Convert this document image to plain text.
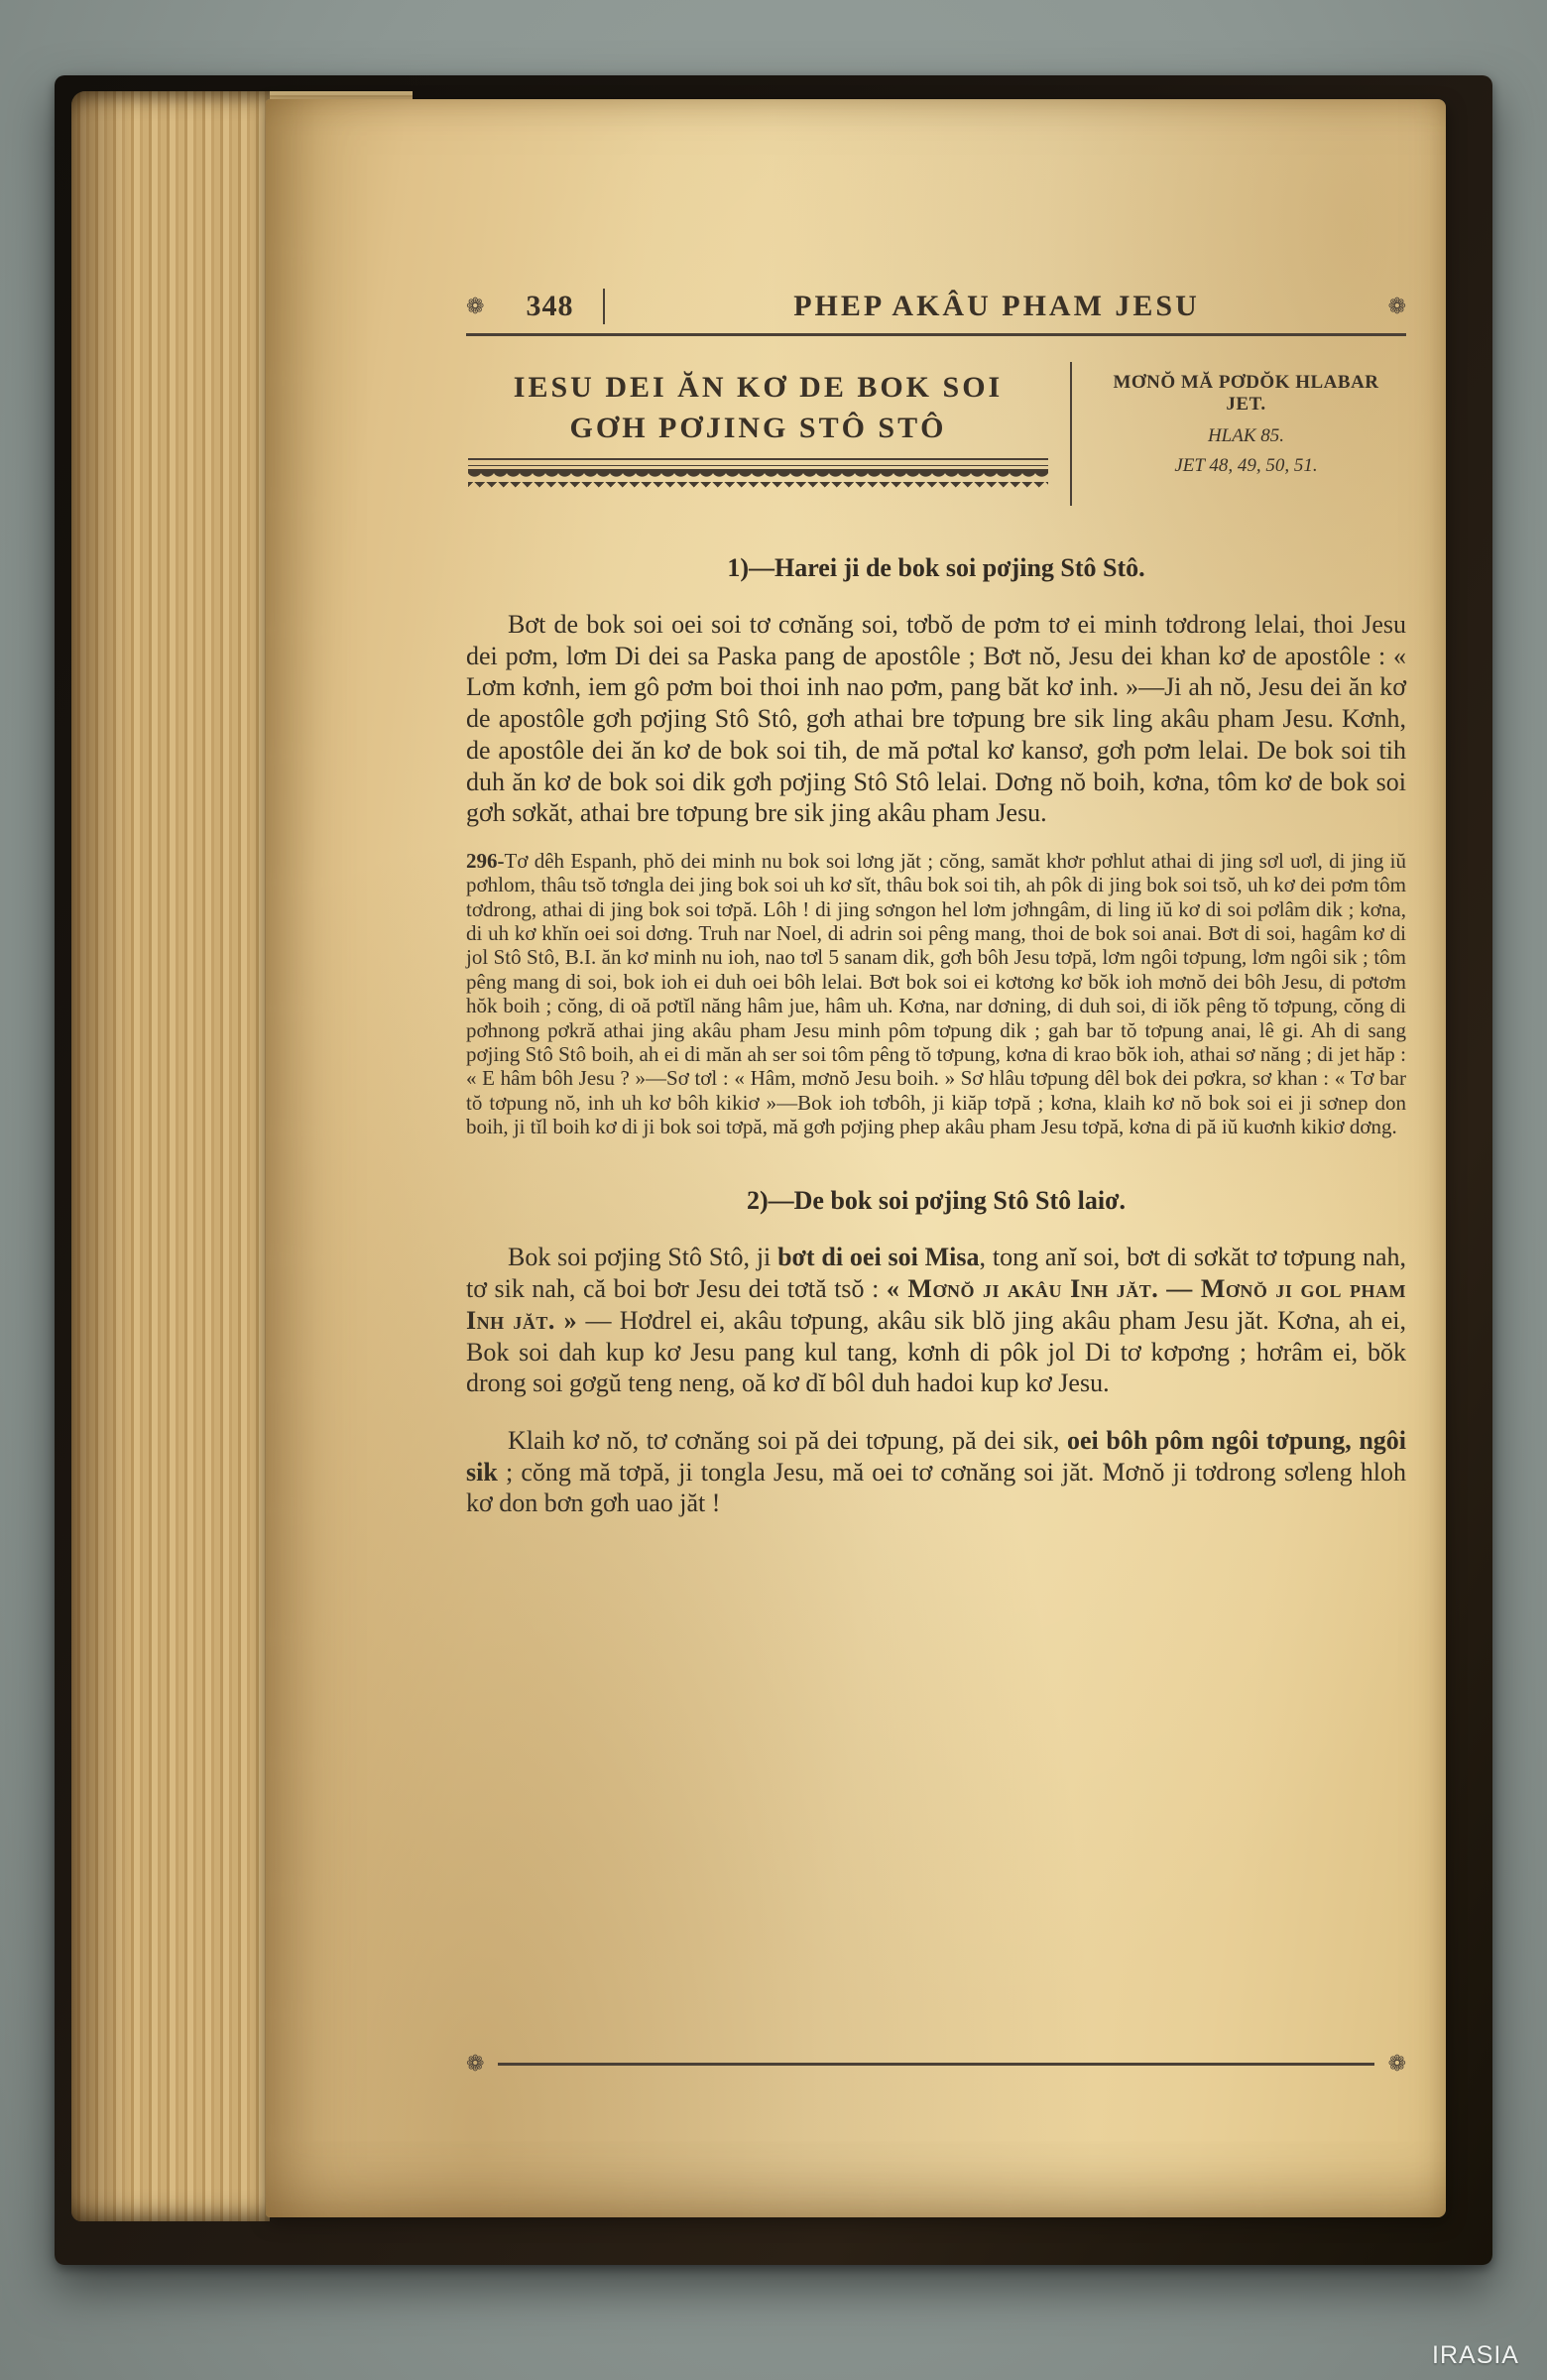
❁	348	PHEP AKÂU PHAM JESU	❁
IESU DEI ĂN KƠ DE BOK SOI
GƠH PƠJING STÔ STÔ
MƠNŎ MĂ PƠDŎK HLABAR JET.
HLAK 85.
JET 48, 49, 50, 51.
1)—Harei ji de bok soi pơjing Stô Stô.
Bơt de bok soi oei soi tơ cơnăng soi, tơbŏ de pơm tơ ei minh tơdrong lelai, thoi Jesu dei pơm, lơm Di dei sa Paska pang de apostôle ; Bơt nŏ, Jesu dei khan kơ de apostôle : « Lơm kơnh, iem gô pơm boi thoi inh nao pơm, pang băt kơ inh. »—Ji ah nŏ, Jesu dei ăn kơ de apostôle gơh pơjing Stô Stô, gơh athai bre tơpung bre sik ling akâu pham Jesu. Kơnh, de apostôle dei ăn kơ de bok soi tih, de mă pơtal kơ kansơ, gơh pơm lelai. De bok soi tih duh ăn kơ de bok soi dik gơh pơjing Stô Stô lelai. Dơng nŏ boih, kơna, tôm kơ de bok soi gơh sơkăt, athai bre tơpung bre sik jing akâu pham Jesu.
296-Tơ dêh Espanh, phŏ dei minh nu bok soi lơng jăt ; cŏng, samăt khơr pơhlut athai di jing sơl uơl, di jing iŭ pơhlom, thâu tsŏ tơngla dei jing bok soi uh kơ sĭt, thâu bok soi tih, ah pôk di jing bok soi tsŏ, uh kơ dei pơm tôm tơdrong, athai di jing bok soi tơpă. Lôh ! di jing sơngon hel lơm jơhngâm, di ling iŭ kơ di soi pơlâm dik ; kơna, di uh kơ khĭn oei soi dơng. Truh nar Noel, di adrin soi pêng mang, thoi de bok soi anai. Bơt di soi, hagâm kơ di jol Stô Stô, B.I. ăn kơ minh nu ioh, nao tơl 5 sanam dik, gơh bôh Jesu tơpă, lơm ngôi tơpung, lơm ngôi sik ; tôm pêng mang di soi, bok ioh ei duh oei bôh lelai. Bơt bok soi ei kơtơng kơ bŏk ioh mơnŏ dei bôh Jesu, di pơtơm hŏk boih ; cŏng, di oă pơtĭl năng hâm jue, hâm uh. Kơna, nar dơning, di duh soi, di iŏk pêng tŏ tơpung, cŏng di pơhnong pơkră athai jing akâu pham Jesu minh pôm tơpung dik ; gah bar tŏ tơpung anai, lê gi. Ah di sang pơjing Stô Stô boih, ah ei di măn ah ser soi tôm pêng tŏ tơpung, kơna di krao bŏk ioh, athai sơ năng ; di jet hăp : « E hâm bôh Jesu ? »—Sơ tơl : « Hâm, mơnŏ Jesu boih. » Sơ hlâu tơpung dêl bok dei pơkra, sơ khan : « Tơ bar tŏ tơpung nŏ, inh uh kơ bôh kikiơ »—Bok ioh tơbôh, ji kiăp tơpă ; kơna, klaih kơ nŏ bok soi ei ji sơnep don boih, ji tĭl boih kơ di ji bok soi tơpă, mă gơh pơjing phep akâu pham Jesu tơpă, kơna di pă iŭ kuơnh kikiơ dơng.
2)—De bok soi pơjing Stô Stô laiơ.
Bok soi pơjing Stô Stô, ji bơt di oei soi Misa, tong anĭ soi, bơt di sơkăt tơ tơpung nah, tơ sik nah, că boi bơr Jesu dei tơtă tsŏ : « Mơnŏ ji akâu Inh jăt. — Mơnŏ ji gol pham Inh jăt. » — Hơdrel ei, akâu tơpung, akâu sik blŏ jing akâu pham Jesu jăt. Kơna, ah ei, Bok soi dah kup kơ Jesu pang kul tang, kơnh di pôk jol Di tơ kơpơng ; hơrâm ei, bŏk drong soi gơgŭ teng neng, oă kơ dĭ bôl duh hadoi kup kơ Jesu.
Klaih kơ nŏ, tơ cơnăng soi pă dei tơpung, pă dei sik, oei bôh pôm ngôi tơpung, ngôi sik ; cŏng mă tơpă, ji tongla Jesu, mă oei tơ cơnăng soi jăt. Mơnŏ ji tơdrong sơleng hloh kơ don bơn gơh uao jăt !
❁	❁
IRASIA
